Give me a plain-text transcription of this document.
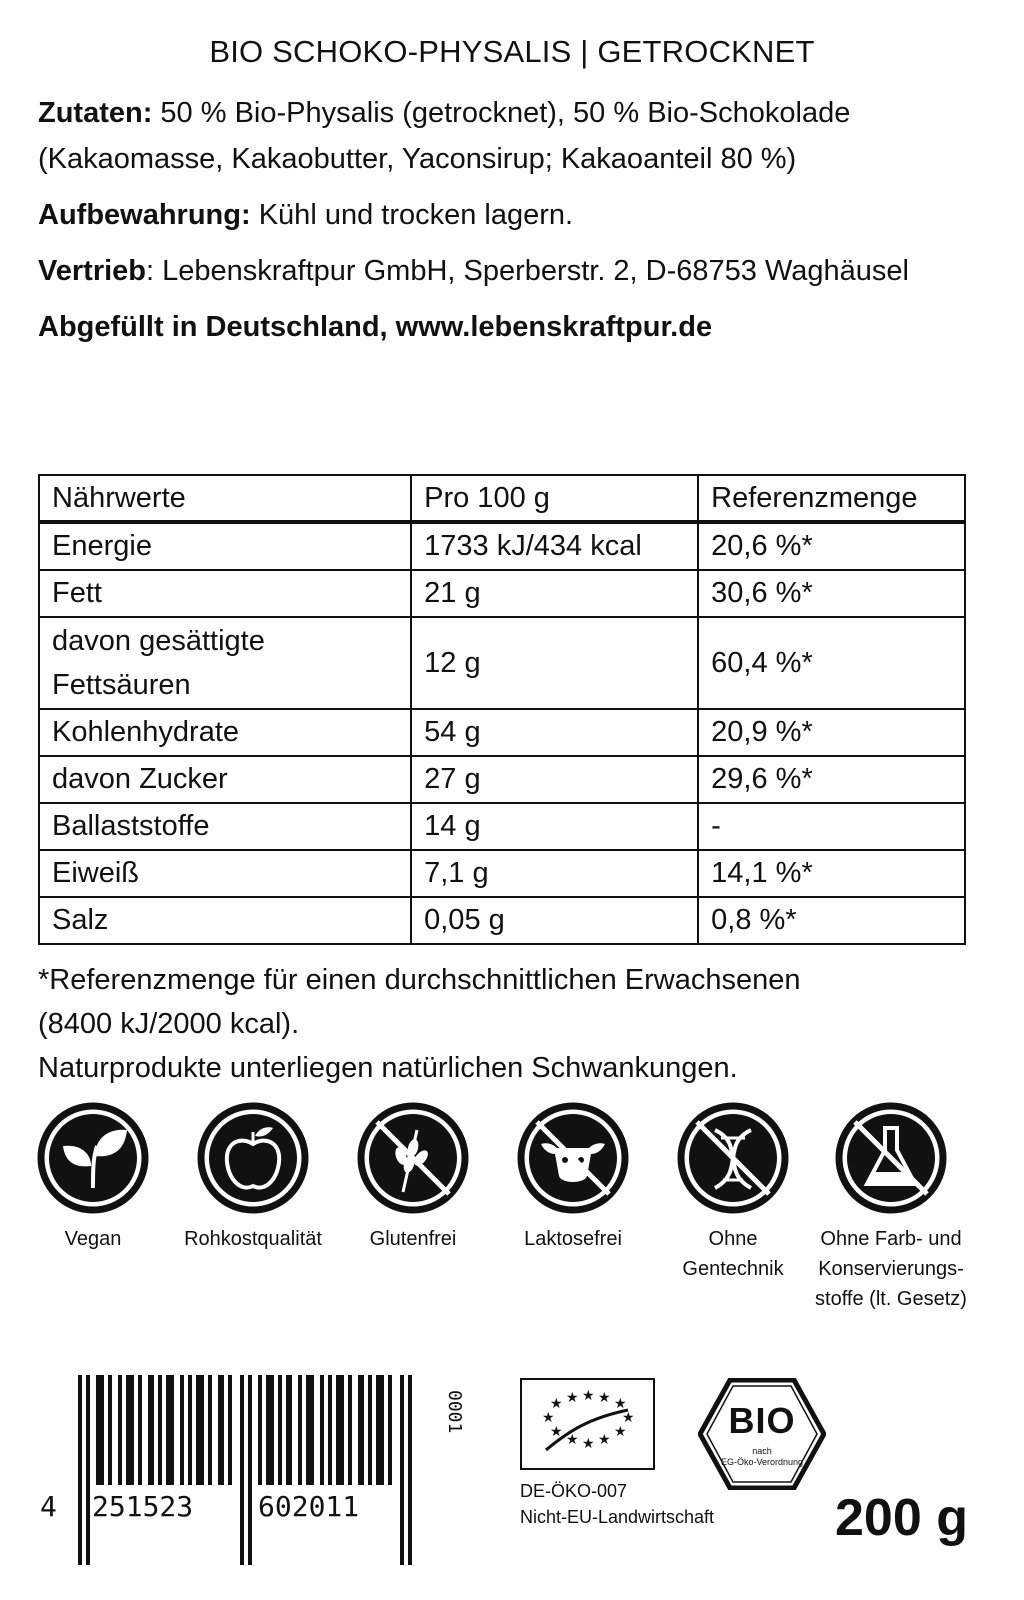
BIO SCHOKO-PHYSALIS | GETROCKNET
Zutaten: 50 % Bio-Physalis (getrocknet), 50 % Bio-Schokolade (Kakaomasse, Kakaobutter, Yaconsirup; Kakaoanteil 80 %)
Aufbewahrung: Kühl und trocken lagern.
Vertrieb: Lebenskraftpur GmbH, Sperberstr. 2, D-68753 Waghäusel
Abgefüllt in Deutschland, www.lebenskraftpur.de
Nährwerte	Pro 100 g	Referenzmenge
Energie	1733 kJ/434 kcal	20,6 %*
Fett	21 g	30,6 %*
davon gesättigte
Fettsäuren	12 g	60,4 %*
Kohlenhydrate	54 g	20,9 %*
davon Zucker	27 g	29,6 %*
Ballaststoffe	14 g	-
Eiweiß	7,1 g	14,1 %*
Salz	0,05 g	0,8 %*
*Referenzmenge für einen durchschnittlichen Erwachsenen
(8400 kJ/2000 kcal).
Naturprodukte unterliegen natürlichen Schwankungen.
Vegan	Rohkostqualität	Glutenfrei	Laktosefrei	Ohne
Gentechnik
Ohne Farb- und
Konservierungs-
stoffe (lt. Gesetz)
4 251523 602011
0001	★ ★ ★ ★ ★
★
★
★
★
★
★
★
DE-ÖKO-007
Nicht-EU-Landwirtschaft
BIO
nach
EG-Öko-Verordnung
200 g
